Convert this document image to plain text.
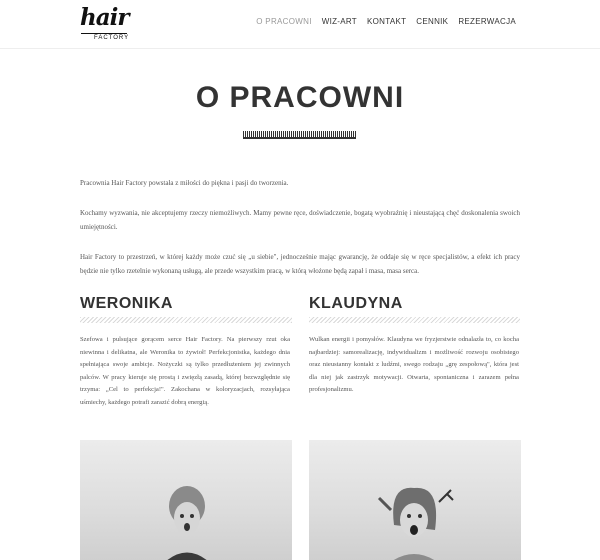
hair
FACTORY
O PRACOWNI WIZ-ART KONTAKT CENNIK REZERWACJA
O PRACOWNI

Pracownia Hair Factory powstała z miłości do piękna i pasji do tworzenia.

Kochamy wyzwania, nie akceptujemy rzeczy niemożliwych. Mamy pewne ręce, doświadczenie, bogatą wyobraźnię i nieustającą chęć doskonalenia swoich umiejętności.

Hair Factory to przestrzeń, w której każdy może czuć się „u siebie", jednocześnie mając gwarancję, że oddaje się w ręce specjalistów, a efekt ich pracy będzie nie tylko rzetelnie wykonaną usługą, ale przede wszystkim pracą, w którą włożone będą zapał i masa, masa serca.

WERONIKA

Szefowa i pulsujące gorącem serce Hair Factory. Na pierwszy rzut oka niewinna i delikatna, ale Weronika to żywioł! Perfekcjonistka, każdego dnia spełniająca swoje ambicje. Nożyczki są tylko przedłużeniem jej zwinnych palców. W pracy kieruje się prostą i zwięzłą zasadą, której bezwzględnie się trzyma: „Cel to perfekcja!". Zakochana w koloryzacjach, rozsyłająca uśmiechy, każdego potrafi zarazić dobrą energią.

KLAUDYNA

Wulkan energii i pomysłów. Klaudyna we fryzjerstwie odnalazła to, co kocha najbardziej: samorealizację, indywidualizm i możliwość rozwoju osobistego oraz nieustanny kontakt z ludźmi, swego rodzaju „grę zespołową", która jest dla niej jak zastrzyk motywacji. Otwarta, spontaniczna i zarazem pełna profesjonalizmu.
